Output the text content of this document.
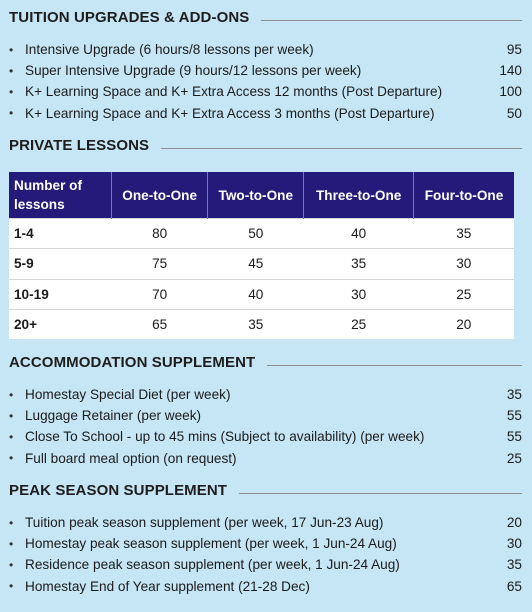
TUITION UPGRADES & ADD-ONS
• Intensive Upgrade (6 hours/8 lessons per week)	95
• Super Intensive Upgrade (9 hours/12 lessons per week)	140
• K+ Learning Space and K+ Extra Access 12 months (Post Departure)	100
• K+ Learning Space and K+ Extra Access 3 months (Post Departure)	50
PRIVATE LESSONS
Number of lessons	One-to-One	Two-to-One	Three-to-One	Four-to-One
1-4	80	50	40	35
5-9	75	45	35	30
10-19	70	40	30	25
20+	65	35	25	20
ACCOMMODATION SUPPLEMENT
• Homestay Special Diet (per week)	35
• Luggage Retainer (per week)	55
• Close To School - up to 45 mins (Subject to availability) (per week)	55
• Full board meal option (on request)	25
PEAK SEASON SUPPLEMENT
• Tuition peak season supplement (per week, 17 Jun-23 Aug)	20
• Homestay peak season supplement (per week, 1 Jun-24 Aug)	30
• Residence peak season supplement (per week, 1 Jun-24 Aug)	35
• Homestay End of Year supplement (21-28 Dec)	65
